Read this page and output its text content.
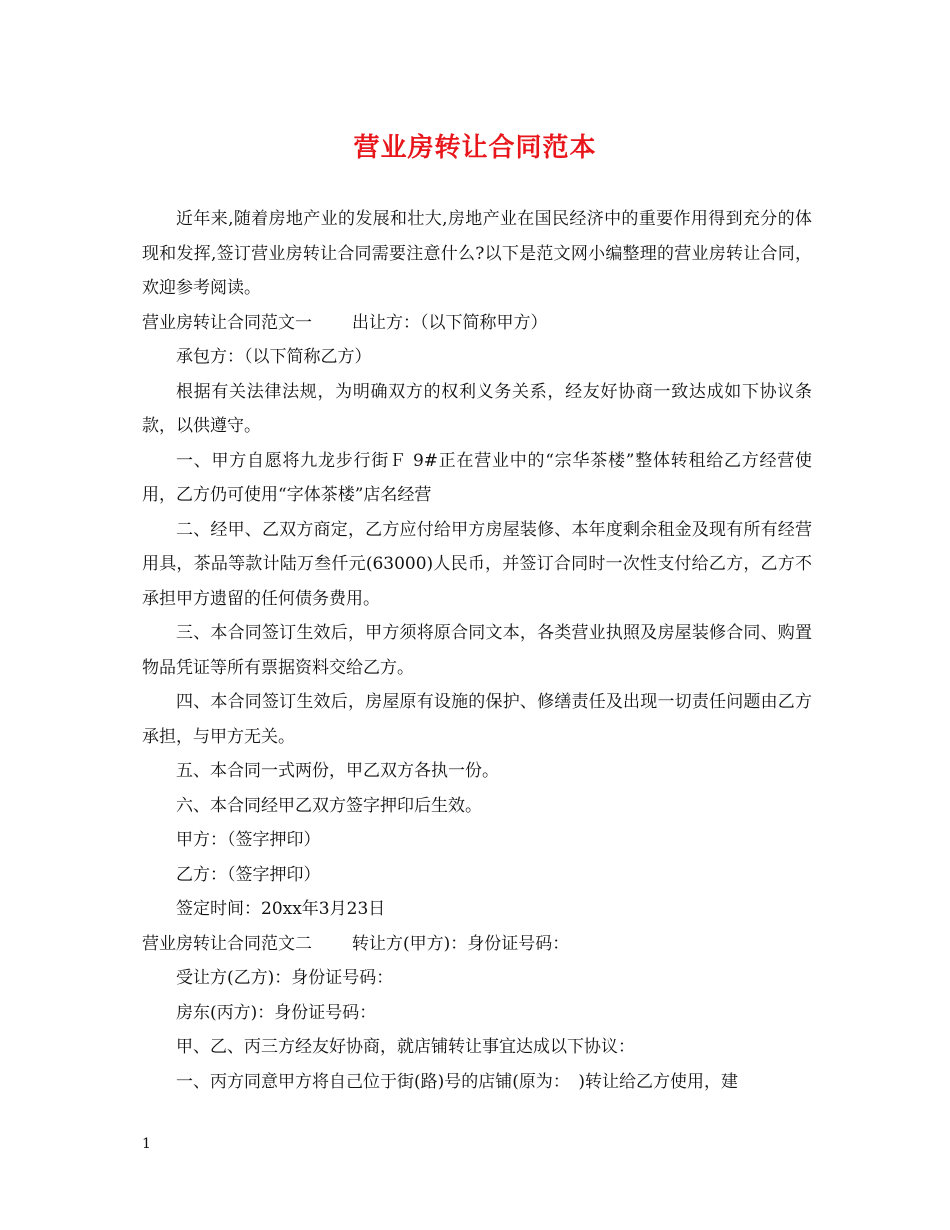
营业房转让合同范本

近年来,随着房地产业的发展和壮大,房地产业在国民经济中的重要作用得到充分的体现和发挥,签订营业房转让合同需要注意什么?以下是范文网小编整理的营业房转让合同，欢迎参考阅读。

营业房转让合同范文一 出让方：（以下简称甲方）

承包方：（以下简称乙方）

根据有关法律法规，为明确双方的权利义务关系，经友好协商一致达成如下协议条款，以供遵守。

一、甲方自愿将九龙步行街Ｆ 9#正在营业中的“宗华茶楼”整体转租给乙方经营使用，乙方仍可使用“字体茶楼”店名经营

二、经甲、乙双方商定，乙方应付给甲方房屋装修、本年度剩余租金及现有所有经营用具，茶品等款计陆万叁仟元(63000)人民币，并签订合同时一次性支付给乙方，乙方不承担甲方遗留的任何债务费用。

三、本合同签订生效后，甲方须将原合同文本，各类营业执照及房屋装修合同、购置物品凭证等所有票据资料交给乙方。

四、本合同签订生效后，房屋原有设施的保护、修缮责任及出现一切责任问题由乙方承担，与甲方无关。

五、本合同一式两份，甲乙双方各执一份。

六、本合同经甲乙双方签字押印后生效。

甲方：（签字押印）

乙方：（签字押印）

签定时间：20xx年3月23日

营业房转让合同范文二 转让方(甲方)：身份证号码：

受让方(乙方)：身份证号码：

房东(丙方)：身份证号码：

甲、乙、丙三方经友好协商，就店铺转让事宜达成以下协议：

一、丙方同意甲方将自己位于街(路)号的店铺(原为：　)转让给乙方使用，建

1
